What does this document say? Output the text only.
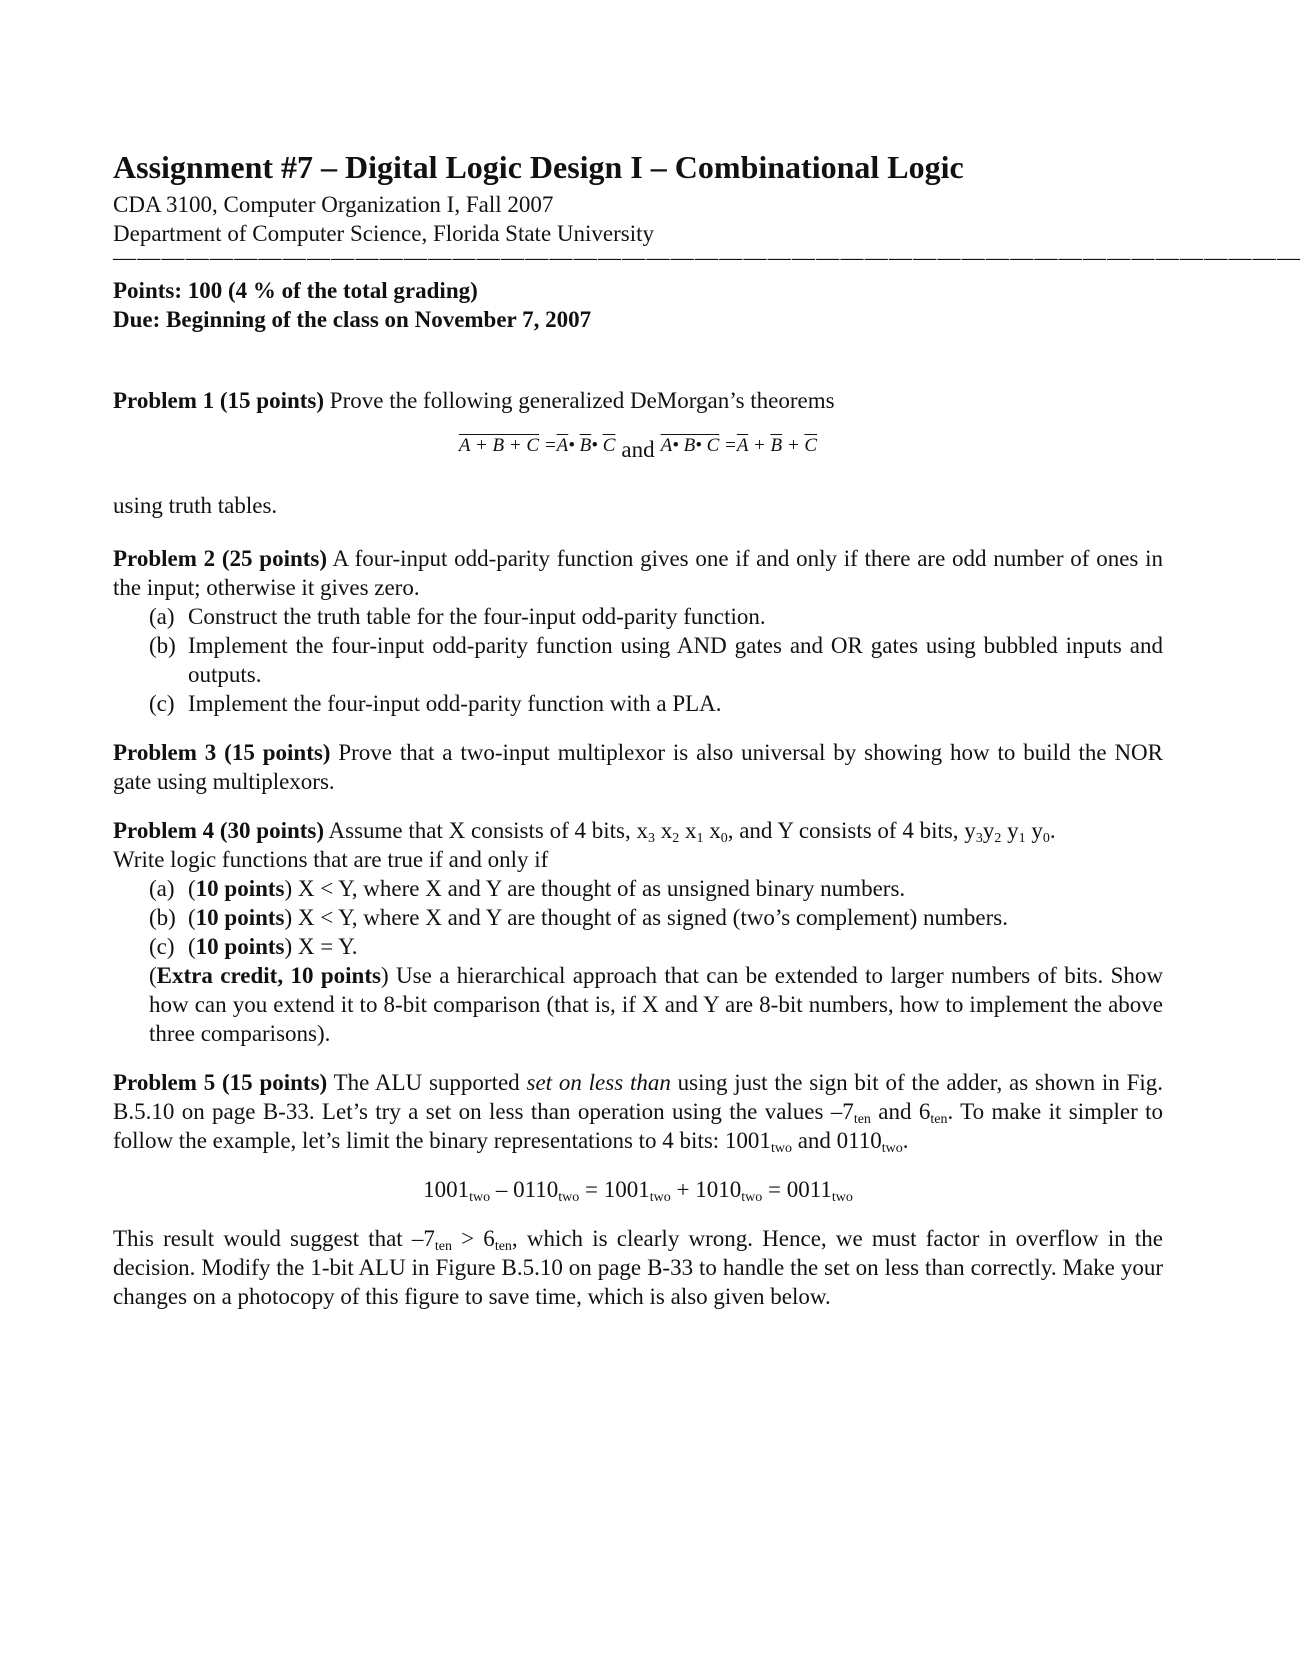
Assignment #7 – Digital Logic Design I – Combinational Logic

CDA 3100, Computer Organization I, Fall 2007

Department of Computer Science, Florida State University

—————————————————————————————————————————————————

Points: 100 (4 % of the total grading)

Due: Beginning of the class on November 7, 2007

Problem 1 (15 points) Prove the following generalized DeMorgan’s theorems

$A + B + C =\overline{A}•$ $\overline{B}•$ $\overline{C}$ and A• B• $C =\overline{A} + \overline{B} + \overline{C}$

using truth tables.

Problem 2 (25 points) A four-input odd-parity function gives one if and only if there are odd number of ones in the input; otherwise it gives zero.

(a) Construct the truth table for the four-input odd-parity function.

(b) Implement the four-input odd-parity function using AND gates and OR gates using bubbled inputs and outputs.

(c) Implement the four-input odd-parity function with a PLA.

Problem 3 (15 points) Prove that a two-input multiplexor is also universal by showing how to build the NOR gate using multiplexors.

Problem 4 (30 points) Assume that X consists of 4 bits, $x_3$ $x_2$ $x_1$ $x_0$, and Y consists of 4 bits, $y_3y_2$ $y_1$ $y_0$.
Write logic functions that are true if and only if

(a) (10 points) X < Y, where X and Y are thought of as unsigned binary numbers.

(b) (10 points) X < Y, where X and Y are thought of as signed (two’s complement) numbers.

(c) (10 points) X = Y.

(Extra credit, 10 points) Use a hierarchical approach that can be extended to larger numbers of bits. Show how can you extend it to 8-bit comparison (that is, if X and Y are 8-bit numbers, how to implement the above three comparisons).

Problem 5 (15 points) The ALU supported set on less than using just the sign bit of the adder, as shown in Fig. B.5.10 on page B-33. Let’s try a set on less than operation using the values $-7_{ten}$ and $6_{ten}$. To make it simpler to follow the example, let’s limit the binary representations to 4 bits: $1001_{two}$ and $0110_{two}$.

$1001_{two} - 0110_{two} = 1001_{two} + 1010_{two} = 0011_{two}$

This result would suggest that $-7_{ten} > 6_{ten}$, which is clearly wrong. Hence, we must factor in overflow in the decision. Modify the 1-bit ALU in Figure B.5.10 on page B-33 to handle the set on less than correctly. Make your changes on a photocopy of this figure to save time, which is also given below.
